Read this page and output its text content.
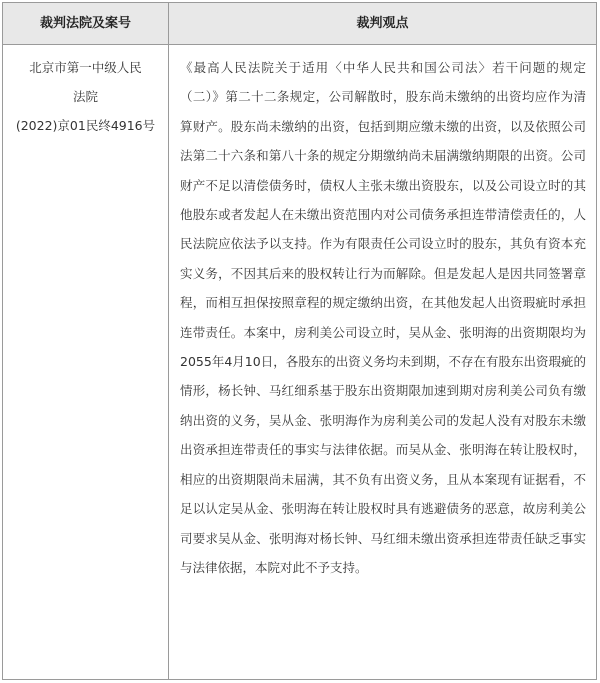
裁判法院及案号	裁判观点
北京市第一中级人民法院
(2022)京01民终4916号
《最高人民法院关于适用〈中华人民共和国公司法〉若干问题的规定（二）》第二十二条规定，公司解散时，股东尚未缴纳的出资均应作为清算财产。股东尚未缴纳的出资，包括到期应缴未缴的出资，以及依照公司法第二十六条和第八十条的规定分期缴纳尚未届满缴纳期限的出资。公司财产不足以清偿债务时，债权人主张未缴出资股东，以及公司设立时的其他股东或者发起人在未缴出资范围内对公司债务承担连带清偿责任的，人民法院应依法予以支持。作为有限责任公司设立时的股东，其负有资本充实义务，不因其后来的股权转让行为而解除。但是发起人是因共同签署章程，而相互担保按照章程的规定缴纳出资，在其他发起人出资瑕疵时承担连带责任。本案中，房利美公司设立时，吴从金、张明海的出资期限均为2055年4月10日，各股东的出资义务均未到期，不存在有股东出资瑕疵的情形，杨长钟、马红细系基于股东出资期限加速到期对房利美公司负有缴纳出资的义务，吴从金、张明海作为房利美公司的发起人没有对股东未缴出资承担连带责任的事实与法律依据。而吴从金、张明海在转让股权时，相应的出资期限尚未届满，其不负有出资义务，且从本案现有证据看，不足以认定吴从金、张明海在转让股权时具有逃避债务的恶意，故房利美公司要求吴从金、张明海对杨长钟、马红细未缴出资承担连带责任缺乏事实与法律依据，本院对此不予支持。
